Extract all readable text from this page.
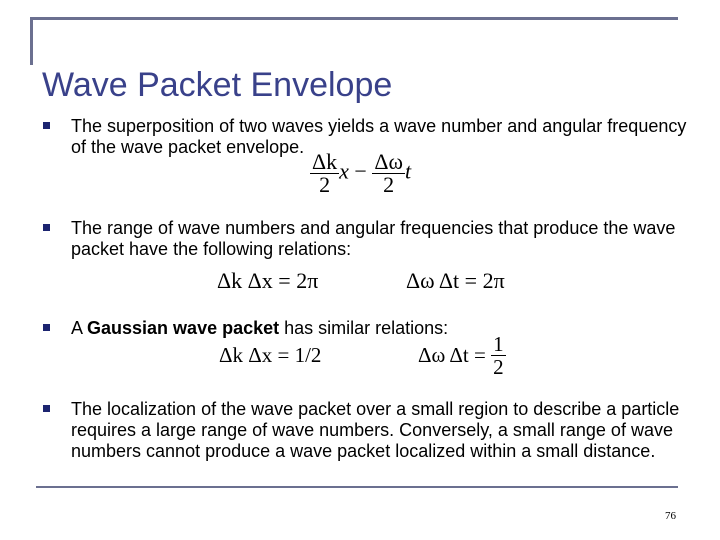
Wave Packet Envelope

The superposition of two waves yields a wave number and angular frequency of the wave packet envelope.

$\frac{\Delta k}{2}$ $x - \frac{\Delta\omega}{2}$ t

The range of wave numbers and angular frequencies that produce the wave packet have the following relations:

Δk Δx = 2π	Δω Δt = 2π

A Gaussian wave packet has similar relations:

Δk Δx = 1/2	Δω $\Delta t = \frac{1}{2}$

The localization of the wave packet over a small region to describe a particle requires a large range of wave numbers. Conversely, a small range of wave numbers cannot produce a wave packet localized within a small distance.

76
